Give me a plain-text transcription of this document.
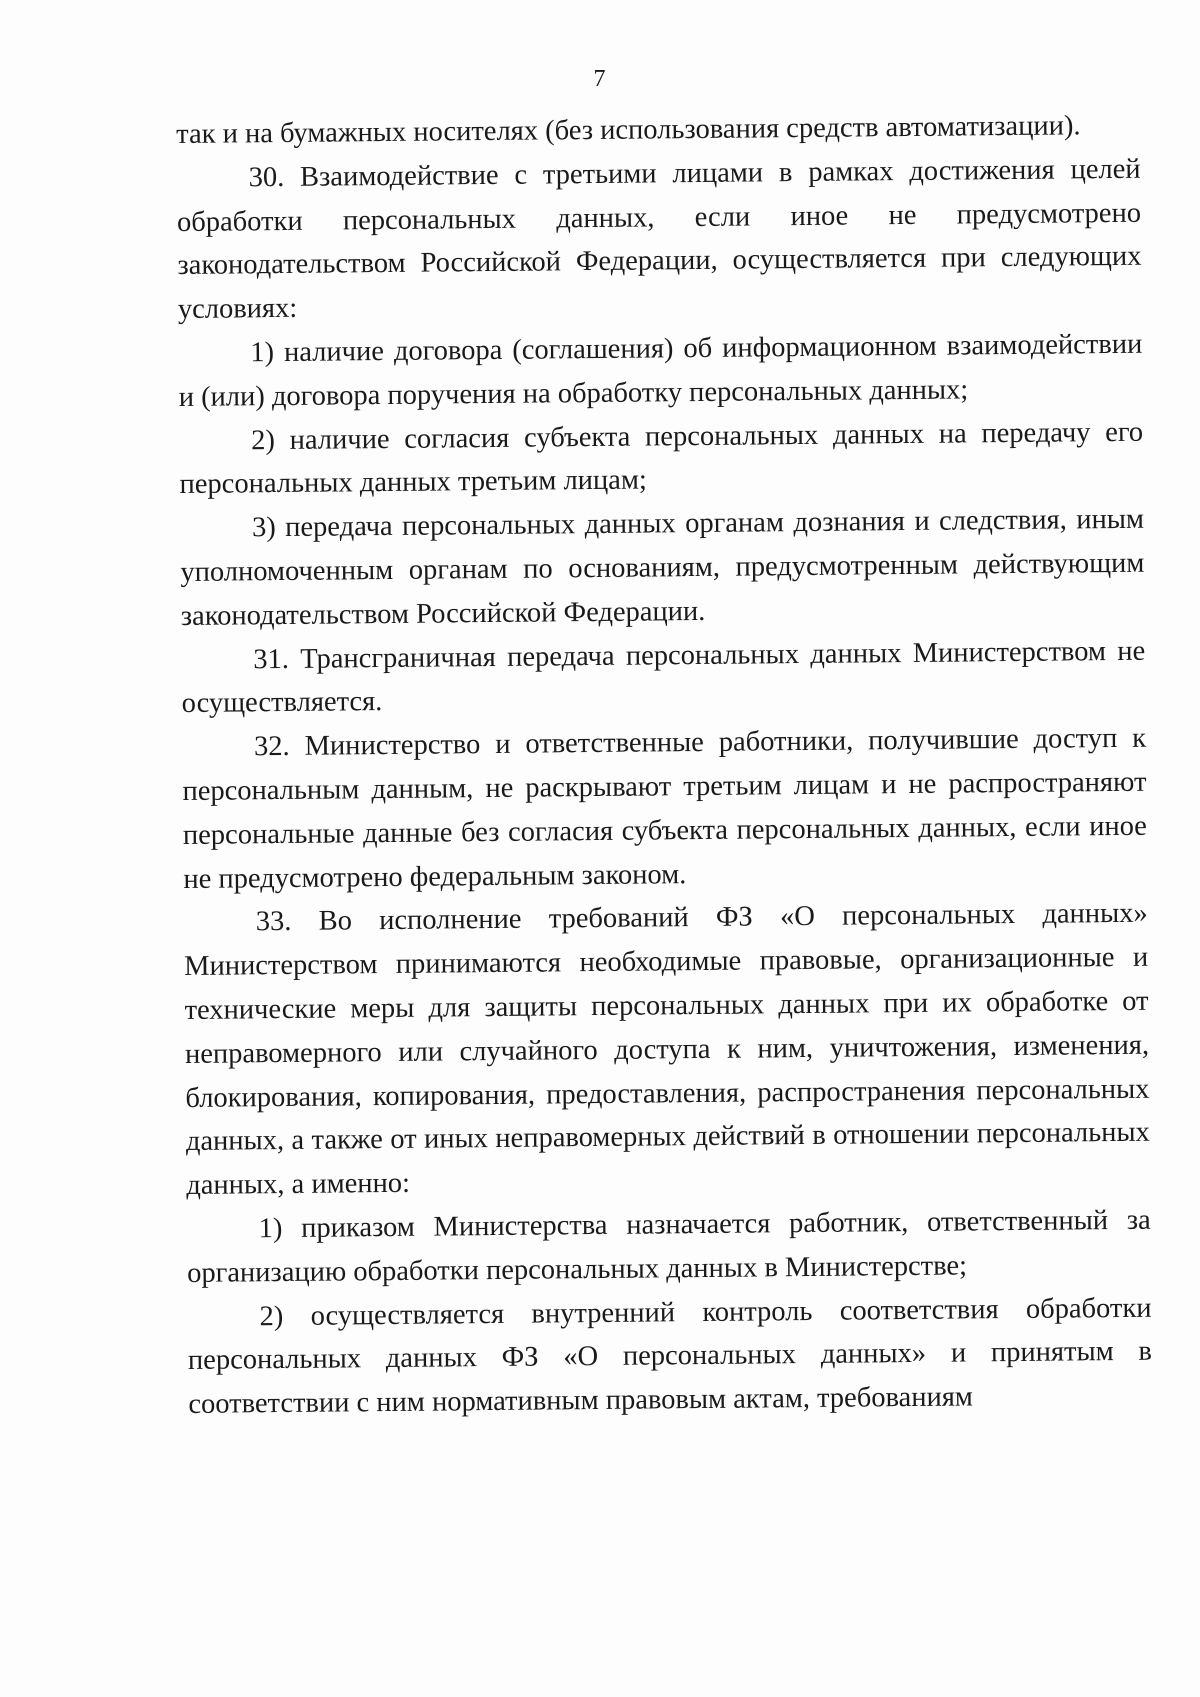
7

так и на бумажных носителях (без использования средств автоматизации).

30. Взаимодействие с третьими лицами в рамках достижения целей обработки персональных данных, если иное не предусмотрено законодательством Российской Федерации, осуществляется при следующих условиях:

1) наличие договора (соглашения) об информационном взаимодействии и (или) договора поручения на обработку персональных данных;

2) наличие согласия субъекта персональных данных на передачу его персональных данных третьим лицам;

3) передача персональных данных органам дознания и следствия, иным уполномоченным органам по основаниям, предусмотренным действующим законодательством Российской Федерации.

31. Трансграничная передача персональных данных Министерством не осуществляется.

32. Министерство и ответственные работники, получившие доступ к персональным данным, не раскрывают третьим лицам и не распространяют персональные данные без согласия субъекта персональных данных, если иное не предусмотрено федеральным законом.

33. Во исполнение требований ФЗ «О персональных данных» Министерством принимаются необходимые правовые, организационные и технические меры для защиты персональных данных при их обработке от неправомерного или случайного доступа к ним, уничтожения, изменения, блокирования, копирования, предоставления, распространения персональных данных, а также от иных неправомерных действий в отношении персональных данных, а именно:

1) приказом Министерства назначается работник, ответственный за организацию обработки персональных данных в Министерстве;

2) осуществляется внутренний контроль соответствия обработки персональных данных ФЗ «О персональных данных» и принятым в соответствии с ним нормативным правовым актам, требованиям
